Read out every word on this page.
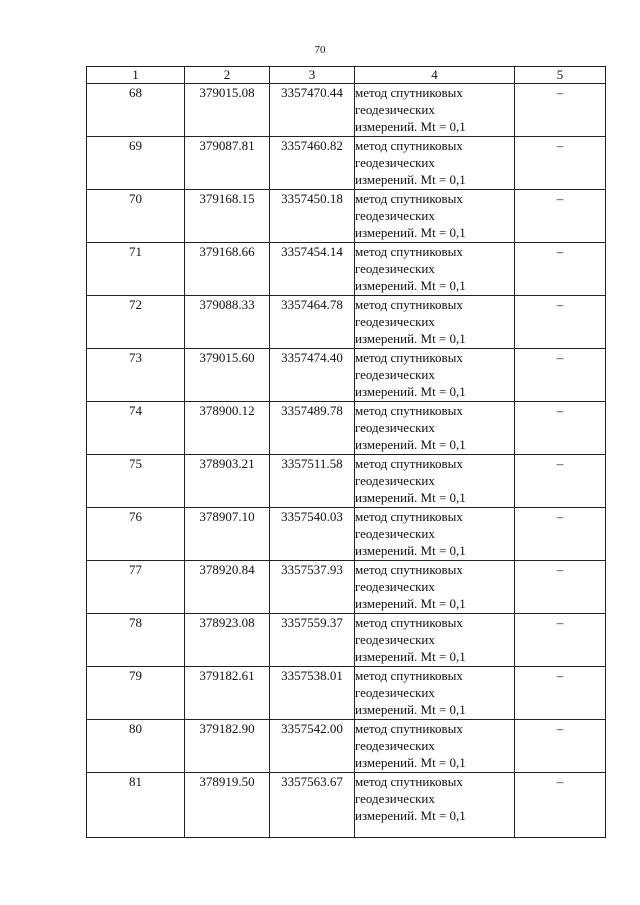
70
1	2	3	4	5
68	379015.08	3357470.44	метод спутниковых
геодезических
измерений. Mt = 0,1	–
69	379087.81	3357460.82	метод спутниковых
геодезических
измерений. Mt = 0,1	–
70	379168.15	3357450.18	метод спутниковых
геодезических
измерений. Mt = 0,1	–
71	379168.66	3357454.14	метод спутниковых
геодезических
измерений. Mt = 0,1	–
72	379088.33	3357464.78	метод спутниковых
геодезических
измерений. Mt = 0,1	–
73	379015.60	3357474.40	метод спутниковых
геодезических
измерений. Mt = 0,1	–
74	378900.12	3357489.78	метод спутниковых
геодезических
измерений. Mt = 0,1	–
75	378903.21	3357511.58	метод спутниковых
геодезических
измерений. Mt = 0,1	–
76	378907.10	3357540.03	метод спутниковых
геодезических
измерений. Mt = 0,1	–
77	378920.84	3357537.93	метод спутниковых
геодезических
измерений. Mt = 0,1	–
78	378923.08	3357559.37	метод спутниковых
геодезических
измерений. Mt = 0,1	–
79	379182.61	3357538.01	метод спутниковых
геодезических
измерений. Mt = 0,1	–
80	379182.90	3357542.00	метод спутниковых
геодезических
измерений. Mt = 0,1	–
81	378919.50	3357563.67	метод спутниковых
геодезических
измерений. Mt = 0,1	–
